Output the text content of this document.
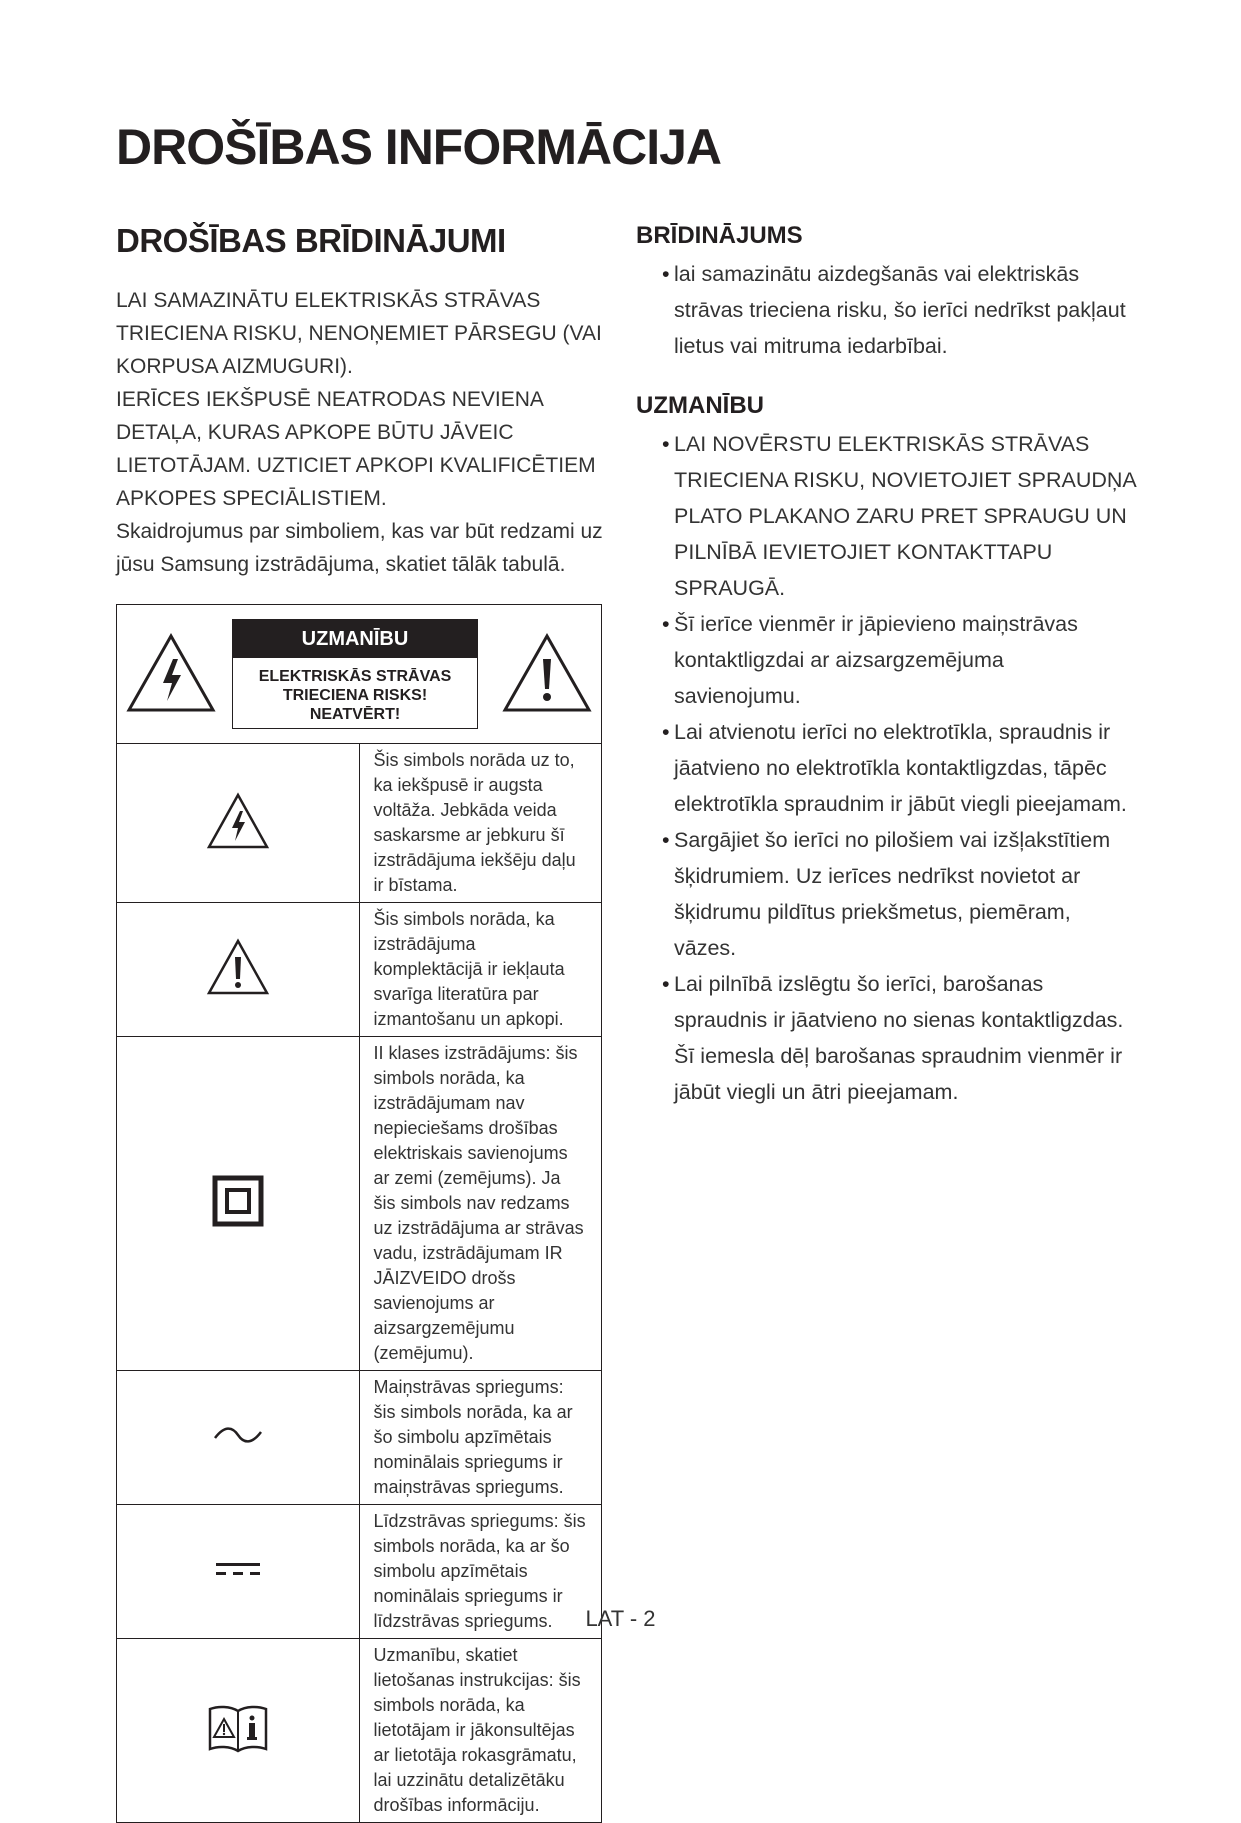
DROŠĪBAS INFORMĀCIJA
DROŠĪBAS BRĪDINĀJUMI

LAI SAMAZINĀTU ELEKTRISKĀS STRĀVAS TRIECIENA RISKU, NENOŅEMIET PĀRSEGU (VAI KORPUSA AIZMUGURI).

IERĪCES IEKŠPUSĒ NEATRODAS NEVIENA DETAĻA, KURAS APKOPE BŪTU JĀVEIC LIETOTĀJAM. UZTICIET APKOPI KVALIFICĒTIEM APKOPES SPECIĀLISTIEM.

Skaidrojumus par simboliem, kas var būt redzami uz jūsu Samsung izstrādājuma, skatiet tālāk tabulā.

UZMANĪBU
ELEKTRISKĀS STRĀVAS
TRIECIENA RISKS!
NEATVĒRT!	

	Šis simbols norāda uz to, ka iekšpusē ir augsta voltāža. Jebkāda veida saskarsme ar jebkuru šī izstrādājuma iekšēju daļu ir bīstama.
	Šis simbols norāda, ka izstrādājuma komplektācijā ir iekļauta svarīga literatūra par izmantošanu un apkopi.
	II klases izstrādājums: šis simbols norāda, ka izstrādājumam nav nepieciešams drošības elektriskais savienojums ar zemi (zemējums). Ja šis simbols nav redzams uz izstrādājuma ar strāvas vadu, izstrādājumam IR JĀIZVEIDO drošs savienojums ar aizsargzemējumu (zemējumu).
	Maiņstrāvas spriegums: šis simbols norāda, ka ar šo simbolu apzīmētais nominālais spriegums ir maiņstrāvas spriegums.
	Līdzstrāvas spriegums: šis simbols norāda, ka ar šo simbolu apzīmētais nominālais spriegums ir līdzstrāvas spriegums.
	Uzmanību, skatiet lietošanas instrukcijas: šis simbols norāda, ka lietotājam ir jākonsultējas ar lietotāja rokasgrāmatu, lai uzzinātu detalizētāku drošības informāciju.
BRĪDINĀJUMS
• lai samazinātu aizdegšanās vai elektriskās strāvas trieciena risku, šo ierīci nedrīkst pakļaut lietus vai mitruma iedarbībai.
UZMANĪBU
• LAI NOVĒRSTU ELEKTRISKĀS STRĀVAS TRIECIENA RISKU, NOVIETOJIET SPRAUDŅA PLATO PLAKANO ZARU PRET SPRAUGU UN PILNĪBĀ IEVIETOJIET KONTAKTTAPU SPRAUGĀ.
• Šī ierīce vienmēr ir jāpievieno maiņstrāvas kontaktligzdai ar aizsargzemējuma savienojumu.
• Lai atvienotu ierīci no elektrotīkla, spraudnis ir jāatvieno no elektrotīkla kontaktligzdas, tāpēc elektrotīkla spraudnim ir jābūt viegli pieejamam.
• Sargājiet šo ierīci no pilošiem vai izšļakstītiem šķidrumiem. Uz ierīces nedrīkst novietot ar šķidrumu pildītus priekšmetus, piemēram, vāzes.
• Lai pilnībā izslēgtu šo ierīci, barošanas spraudnis ir jāatvieno no sienas kontaktligzdas. Šī iemesla dēļ barošanas spraudnim vienmēr ir jābūt viegli un ātri pieejamam.
LAT - 2
